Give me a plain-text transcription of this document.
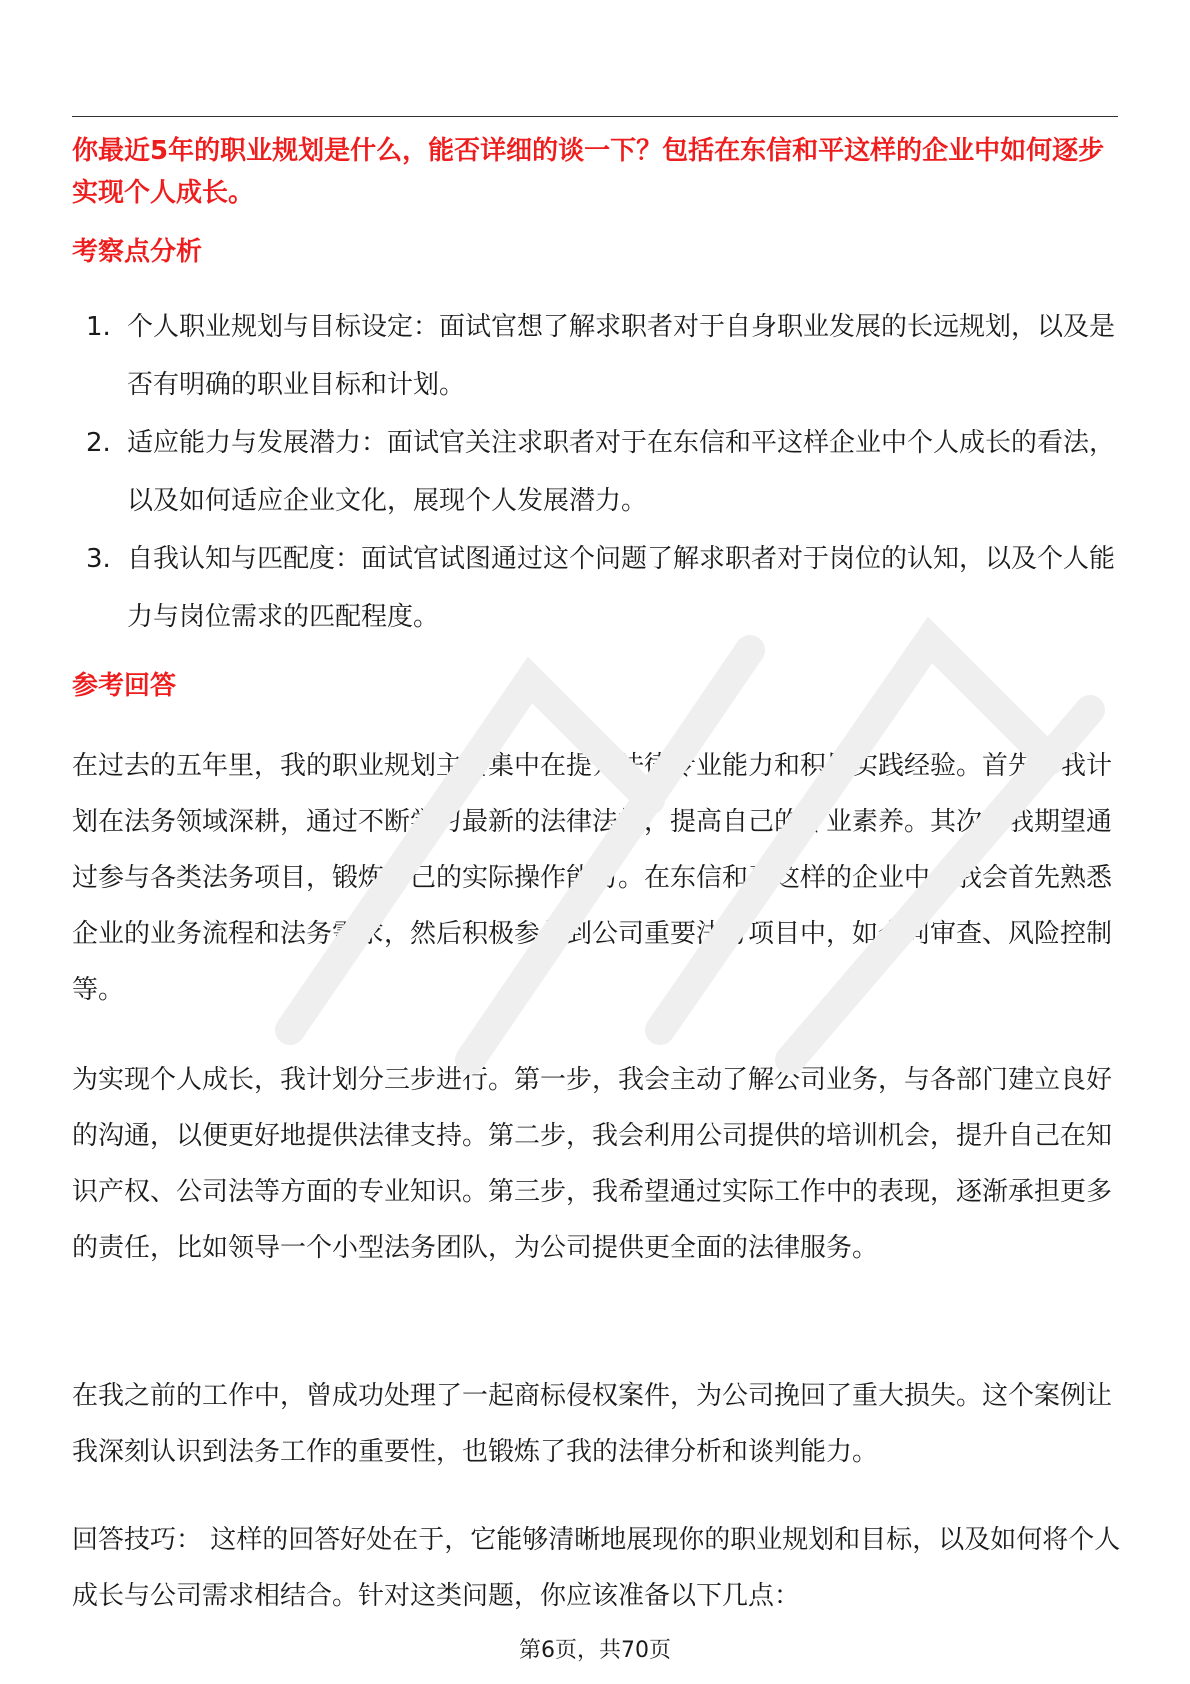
你最近5年的职业规划是什么，能否详细的谈一下？包括在东信和平这样的企业中如何逐步实现个人成长。

考察点分析

1. 个人职业规划与目标设定：面试官想了解求职者对于自身职业发展的长远规划，以及是否有明确的职业目标和计划。
2. 适应能力与发展潜力：面试官关注求职者对于在东信和平这样企业中个人成长的看法，以及如何适应企业文化，展现个人发展潜力。
3. 自我认知与匹配度：面试官试图通过这个问题了解求职者对于岗位的认知，以及个人能力与岗位需求的匹配程度。

参考回答

在过去的五年里，我的职业规划主要集中在提升法律专业能力和积累实践经验。首先，我计划在法务领域深耕，通过不断学习最新的法律法规，提高自己的专业素养。其次，我期望通过参与各类法务项目，锻炼自己的实际操作能力。在东信和平这样的企业中，我会首先熟悉企业的业务流程和法务需求，然后积极参与到公司重要法务项目中，如合同审查、风险控制等。

为实现个人成长，我计划分三步进行。第一步，我会主动了解公司业务，与各部门建立良好的沟通，以便更好地提供法律支持。第二步，我会利用公司提供的培训机会，提升自己在知识产权、公司法等方面的专业知识。第三步，我希望通过实际工作中的表现，逐渐承担更多的责任，比如领导一个小型法务团队，为公司提供更全面的法律服务。

在我之前的工作中，曾成功处理了一起商标侵权案件，为公司挽回了重大损失。这个案例让我深刻认识到法务工作的重要性，也锻炼了我的法律分析和谈判能力。

回答技巧： 这样的回答好处在于，它能够清晰地展现你的职业规划和目标，以及如何将个人成长与公司需求相结合。针对这类问题，你应该准备以下几点：

第6页，共70页
